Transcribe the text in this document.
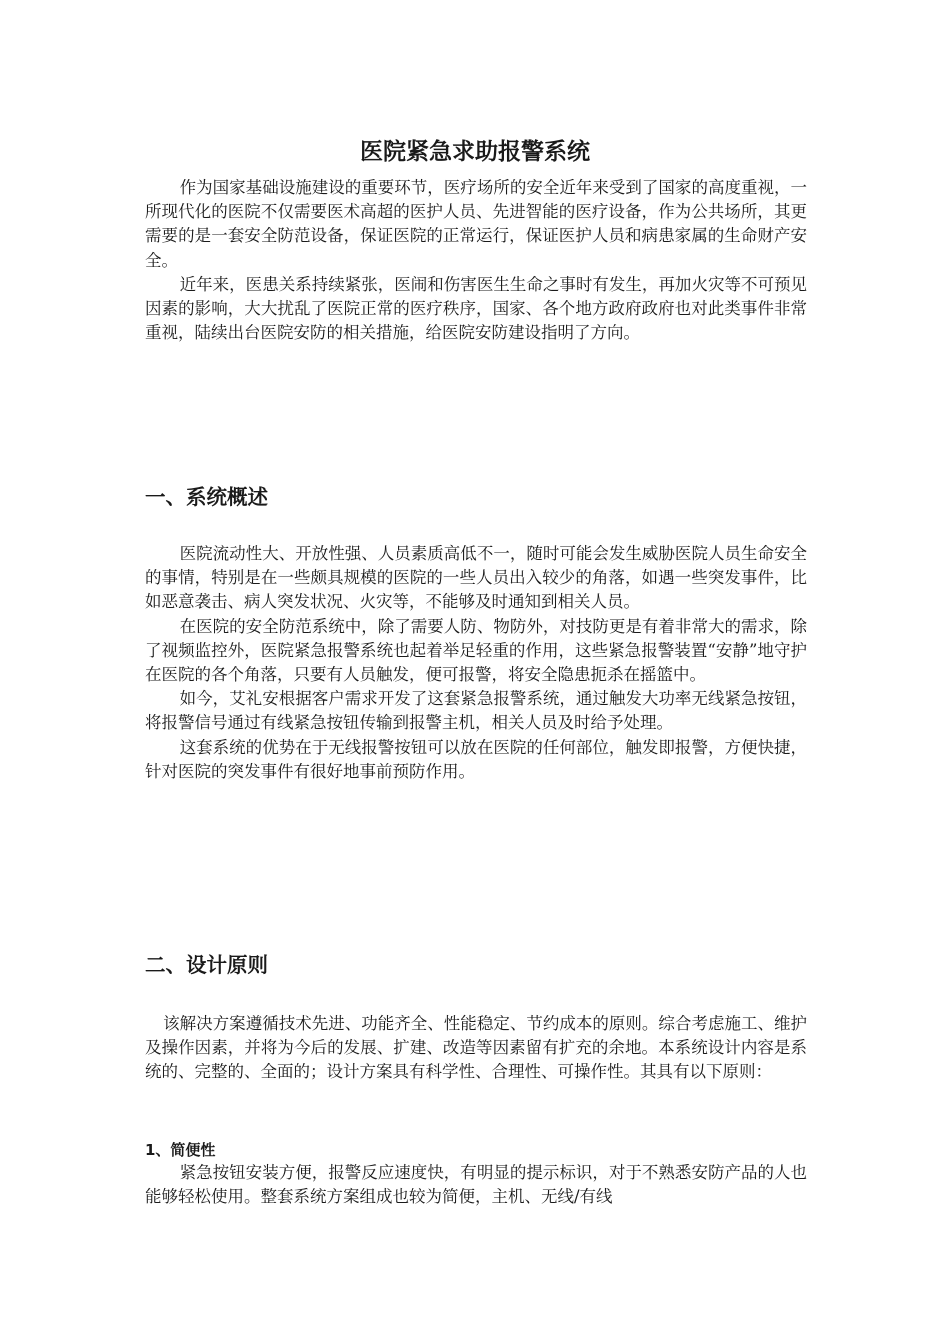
医院紧急求助报警系统

作为国家基础设施建设的重要环节，医疗场所的安全近年来受到了国家的高度重视，一所现代化的医院不仅需要医术高超的医护人员、先进智能的医疗设备，作为公共场所，其更需要的是一套安全防范设备，保证医院的正常运行，保证医护人员和病患家属的生命财产安全。

近年来，医患关系持续紧张，医闹和伤害医生生命之事时有发生，再加火灾等不可预见因素的影响，大大扰乱了医院正常的医疗秩序，国家、各个地方政府政府也对此类事件非常重视，陆续出台医院安防的相关措施，给医院安防建设指明了方向。

一、系统概述

医院流动性大、开放性强、人员素质高低不一，随时可能会发生威胁医院人员生命安全的事情，特别是在一些颇具规模的医院的一些人员出入较少的角落，如遇一些突发事件，比如恶意袭击、病人突发状况、火灾等，不能够及时通知到相关人员。

在医院的安全防范系统中，除了需要人防、物防外，对技防更是有着非常大的需求，除了视频监控外，医院紧急报警系统也起着举足轻重的作用，这些紧急报警装置“安静”地守护在医院的各个角落，只要有人员触发，便可报警，将安全隐患扼杀在摇篮中。

如今，艾礼安根据客户需求开发了这套紧急报警系统，通过触发大功率无线紧急按钮，将报警信号通过有线紧急按钮传输到报警主机，相关人员及时给予处理。

这套系统的优势在于无线报警按钮可以放在医院的任何部位，触发即报警，方便快捷，针对医院的突发事件有很好地事前预防作用。

二、设计原则

该解决方案遵循技术先进、功能齐全、性能稳定、节约成本的原则。综合考虑施工、维护及操作因素，并将为今后的发展、扩建、改造等因素留有扩充的余地。本系统设计内容是系统的、完整的、全面的；设计方案具有科学性、合理性、可操作性。其具有以下原则：

1、简便性

紧急按钮安装方便，报警反应速度快，有明显的提示标识，对于不熟悉安防产品的人也能够轻松使用。整套系统方案组成也较为简便，主机、无线/有线
